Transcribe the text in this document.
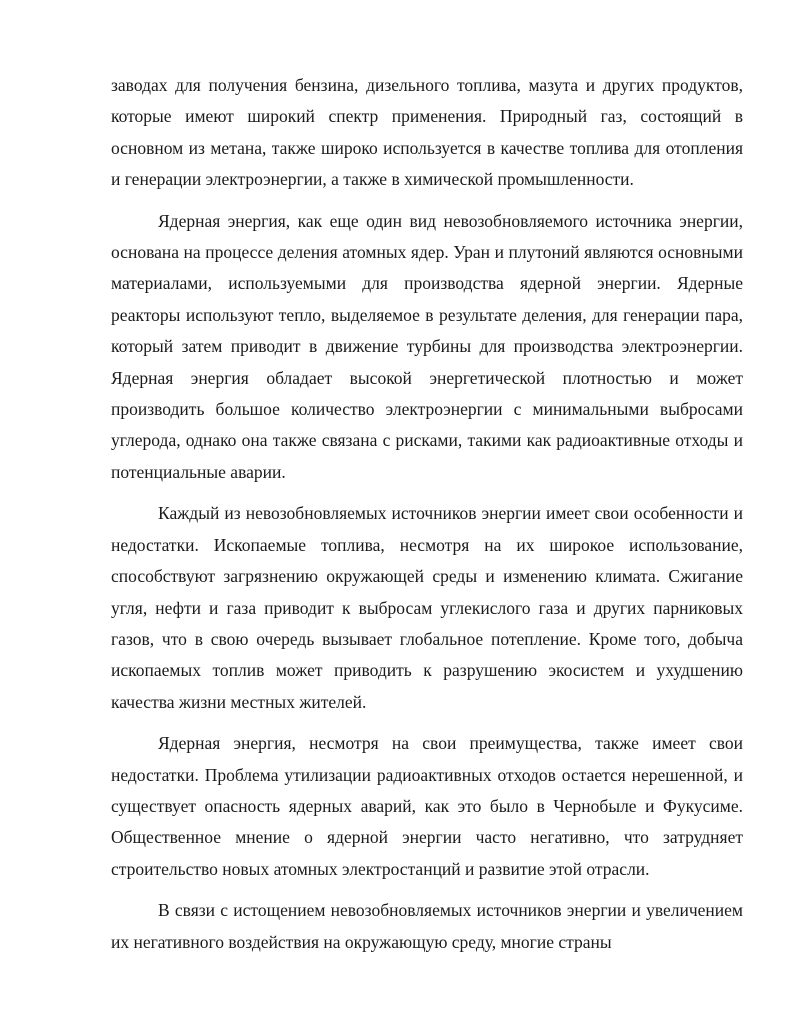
заводах для получения бензина, дизельного топлива, мазута и других продуктов, которые имеют широкий спектр применения. Природный газ, состоящий в основном из метана, также широко используется в качестве топлива для отопления и генерации электроэнергии, а также в химической промышленности.

Ядерная энергия, как еще один вид невозобновляемого источника энергии, основана на процессе деления атомных ядер. Уран и плутоний являются основными материалами, используемыми для производства ядерной энергии. Ядерные реакторы используют тепло, выделяемое в результате деления, для генерации пара, который затем приводит в движение турбины для производства электроэнергии. Ядерная энергия обладает высокой энергетической плотностью и может производить большое количество электроэнергии с минимальными выбросами углерода, однако она также связана с рисками, такими как радиоактивные отходы и потенциальные аварии.

Каждый из невозобновляемых источников энергии имеет свои особенности и недостатки. Ископаемые топлива, несмотря на их широкое использование, способствуют загрязнению окружающей среды и изменению климата. Сжигание угля, нефти и газа приводит к выбросам углекислого газа и других парниковых газов, что в свою очередь вызывает глобальное потепление. Кроме того, добыча ископаемых топлив может приводить к разрушению экосистем и ухудшению качества жизни местных жителей.

Ядерная энергия, несмотря на свои преимущества, также имеет свои недостатки. Проблема утилизации радиоактивных отходов остается нерешенной, и существует опасность ядерных аварий, как это было в Чернобыле и Фукусиме. Общественное мнение о ядерной энергии часто негативно, что затрудняет строительство новых атомных электростанций и развитие этой отрасли.

В связи с истощением невозобновляемых источников энергии и увеличением их негативного воздействия на окружающую среду, многие страны
